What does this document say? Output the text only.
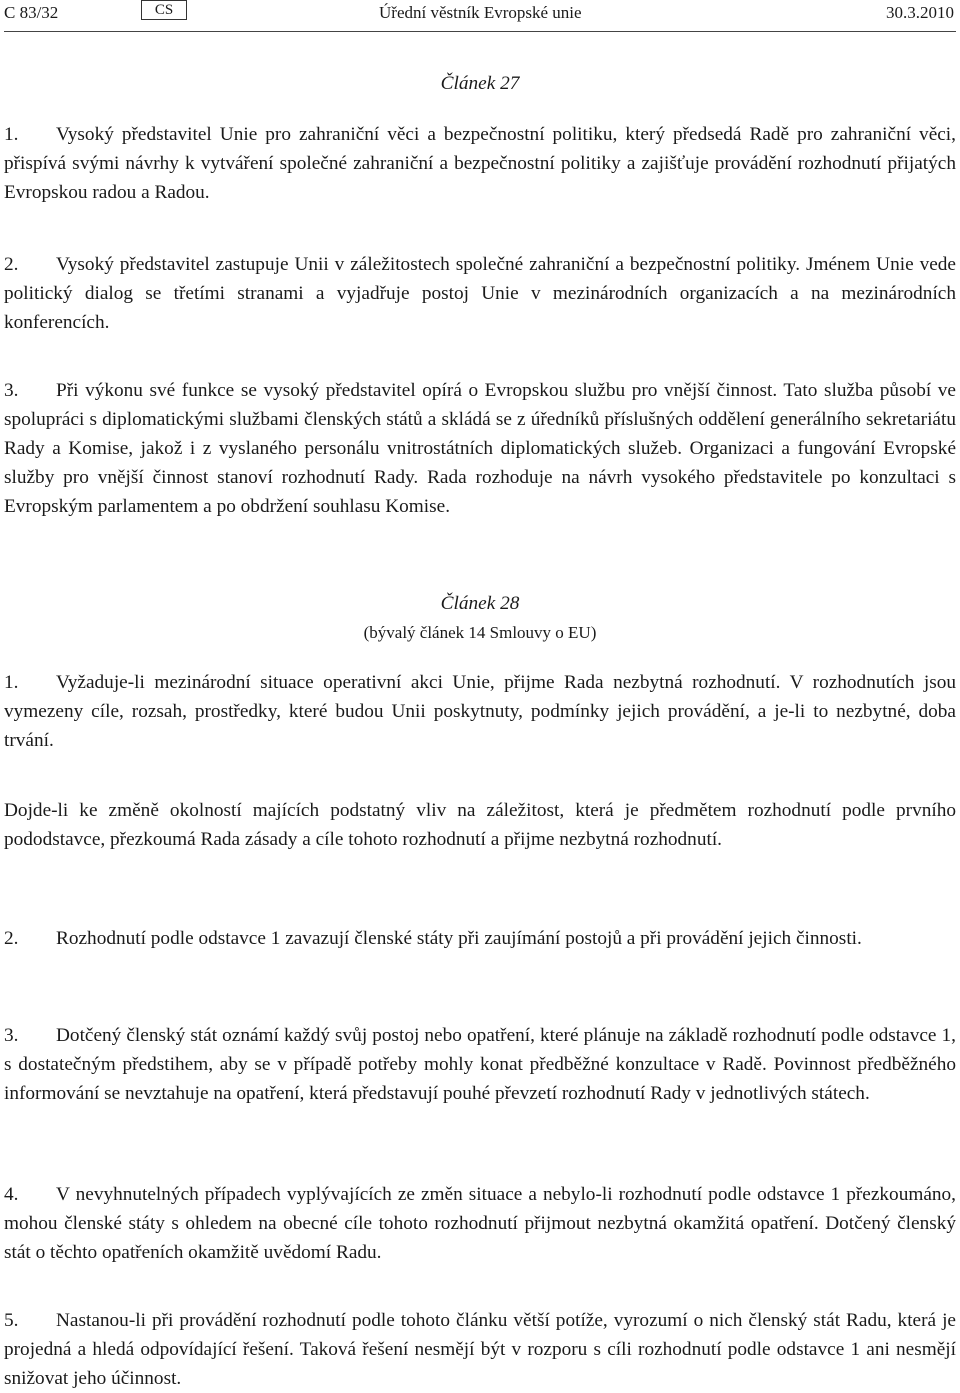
C 83/32	CS	Úřední věstník Evropské unie	30.3.2010
Článek 27
1. Vysoký představitel Unie pro zahraniční věci a bezpečnostní politiku, který předsedá Radě pro zahraniční věci, přispívá svými návrhy k vytváření společné zahraniční a bezpečnostní politiky a zajišťuje provádění rozhodnutí přijatých Evropskou radou a Radou.
2. Vysoký představitel zastupuje Unii v záležitostech společné zahraniční a bezpečnostní politiky. Jménem Unie vede politický dialog se třetími stranami a vyjadřuje postoj Unie v mezinárodních organizacích a na mezinárodních konferencích.
3. Při výkonu své funkce se vysoký představitel opírá o Evropskou službu pro vnější činnost. Tato služba působí ve spolupráci s diplomatickými službami členských států a skládá se z úředníků příslušných oddělení generálního sekretariátu Rady a Komise, jakož i z vyslaného personálu vnitrostátních diplomatických služeb. Organizaci a fungování Evropské služby pro vnější činnost stanoví rozhodnutí Rady. Rada rozhoduje na návrh vysokého představitele po konzultaci s Evropským parlamentem a po obdržení souhlasu Komise.
Článek 28
(bývalý článek 14 Smlouvy o EU)
1. Vyžaduje-li mezinárodní situace operativní akci Unie, přijme Rada nezbytná rozhodnutí. V rozhodnutích jsou vymezeny cíle, rozsah, prostředky, které budou Unii poskytnuty, podmínky jejich provádění, a je-li to nezbytné, doba trvání.
Dojde-li ke změně okolností majících podstatný vliv na záležitost, která je předmětem rozhodnutí podle prvního pododstavce, přezkoumá Rada zásady a cíle tohoto rozhodnutí a přijme nezbytná rozhodnutí.
2. Rozhodnutí podle odstavce 1 zavazují členské státy při zaujímání postojů a při provádění jejich činnosti.
3. Dotčený členský stát oznámí každý svůj postoj nebo opatření, které plánuje na základě rozhodnutí podle odstavce 1, s dostatečným předstihem, aby se v případě potřeby mohly konat předběžné konzultace v Radě. Povinnost předběžného informování se nevztahuje na opatření, která představují pouhé převzetí rozhodnutí Rady v jednotlivých státech.
4. V nevyhnutelných případech vyplývajících ze změn situace a nebylo-li rozhodnutí podle odstavce 1 přezkoumáno, mohou členské státy s ohledem na obecné cíle tohoto rozhodnutí přijmout nezbytná okamžitá opatření. Dotčený členský stát o těchto opatřeních okamžitě uvědomí Radu.
5. Nastanou-li při provádění rozhodnutí podle tohoto článku větší potíže, vyrozumí o nich členský stát Radu, která je projedná a hledá odpovídající řešení. Taková řešení nesmějí být v rozporu s cíli rozhodnutí podle odstavce 1 ani nesmějí snižovat jeho účinnost.
